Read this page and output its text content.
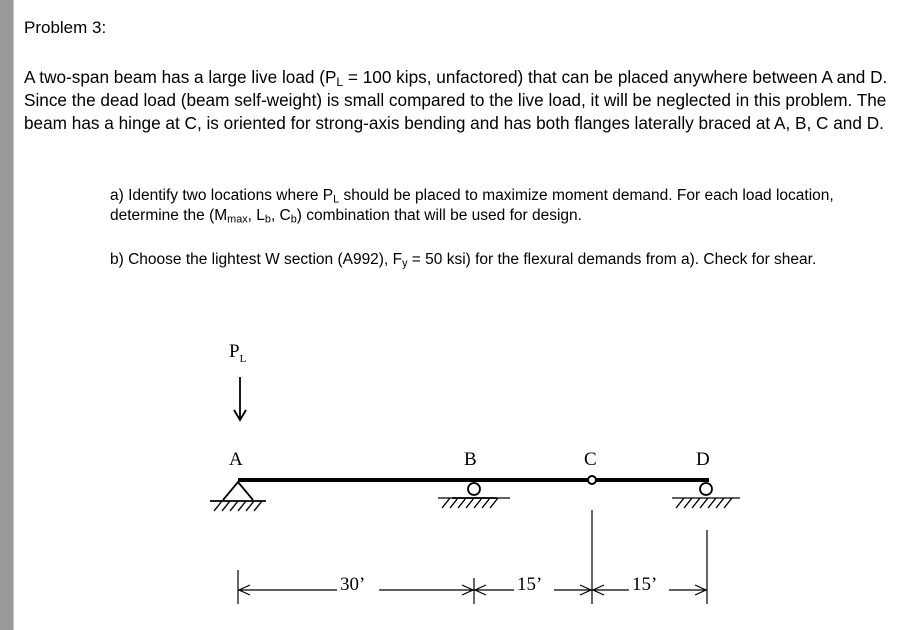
Problem 3:
A two-span beam has a large live load ($P_L = 100$ kips, unfactored) that can be placed anywhere between A and D. Since the dead load (beam self-weight) is small compared to the live load, it will be neglected in this problem. The beam has a hinge at C, is oriented for strong-axis bending and has both flanges laterally braced at A, B, C and D.
a) Identify two locations where $P_L$ should be placed to maximize moment demand. For each load location, determine the ($M_{max}$, $L_b$, $C_b$) combination that will be used for design.
b) Choose the lightest W section (A992), $F_y = 50$ ksi) for the flexural demands from a). Check for shear.
$P_L$
A	B	C	D
30’	15’	15’
